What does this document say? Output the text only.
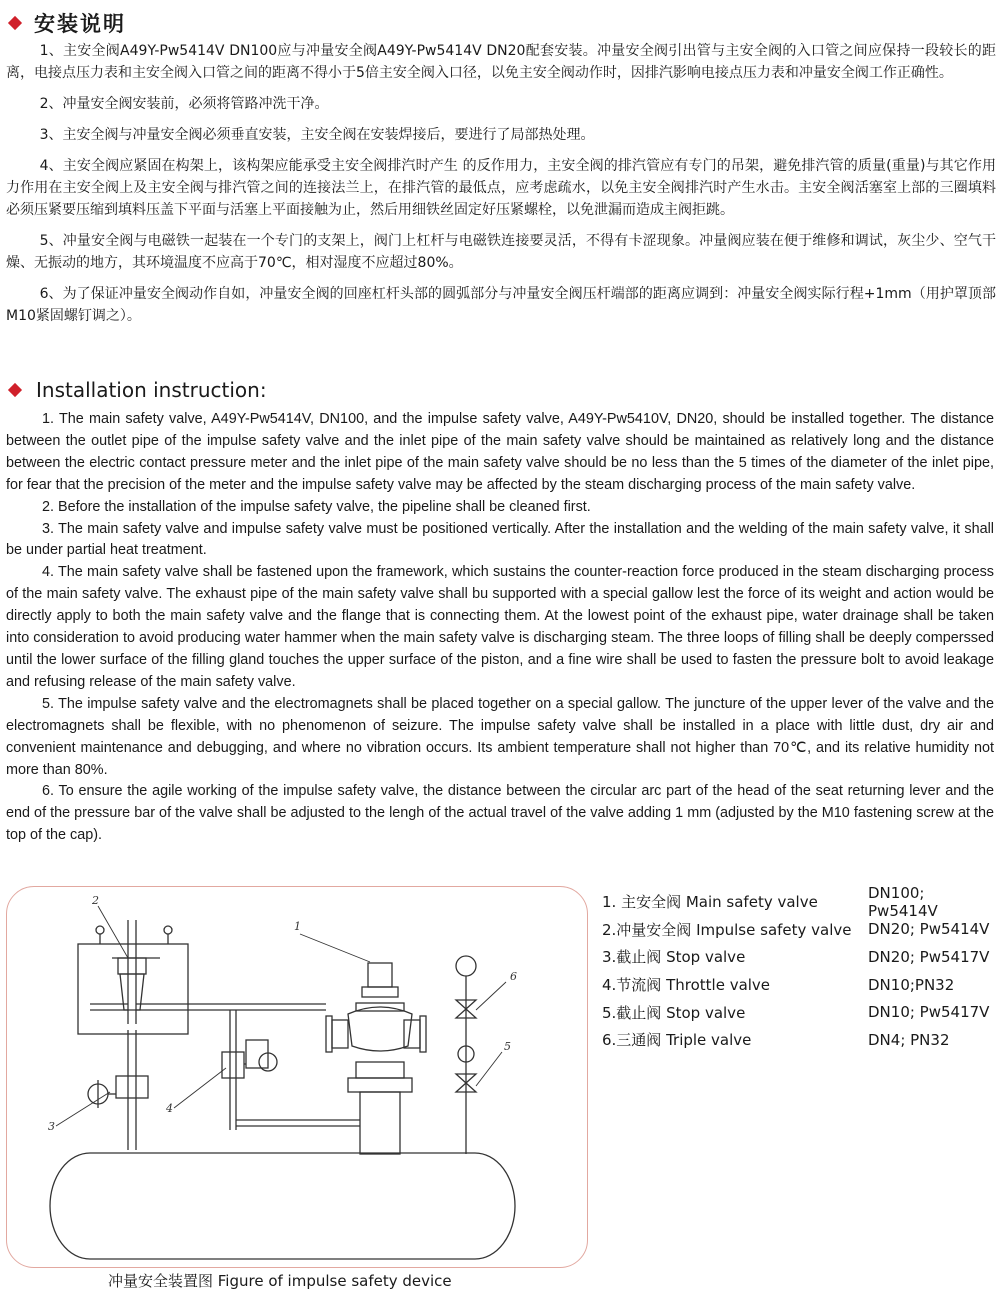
安装说明

1、主安全阀A49Y-Pw5414V DN100应与冲量安全阀A49Y-Pw5414V DN20配套安装。冲量安全阀引出管与主安全阀的入口管之间应保持一段较长的距离，电接点压力表和主安全阀入口管之间的距离不得小于5倍主安全阀入口径，以免主安全阀动作时，因排汽影响电接点压力表和冲量安全阀工作正确性。

2、冲量安全阀安装前，必须将管路冲洗干净。

3、主安全阀与冲量安全阀必须垂直安装，主安全阀在安装焊接后，要进行了局部热处理。

4、主安全阀应紧固在构架上，该构架应能承受主安全阀排汽时产生 的反作用力，主安全阀的排汽管应有专门的吊架，避免排汽管的质量(重量)与其它作用力作用在主安全阀上及主安全阀与排汽管之间的连接法兰上，在排汽管的最低点，应考虑疏水，以免主安全阀排汽时产生水击。主安全阀活塞室上部的三圈填料必须压紧要压缩到填料压盖下平面与活塞上平面接触为止，然后用细铁丝固定好压紧螺栓，以免泄漏而造成主阀拒跳。

5、冲量安全阀与电磁铁一起装在一个专门的支架上，阀门上杠杆与电磁铁连接要灵活，不得有卡涩现象。冲量阀应装在便于维修和调试，灰尘少、空气干燥、无振动的地方，其环境温度不应高于70℃，相对湿度不应超过80%。

6、为了保证冲量安全阀动作自如，冲量安全阀的回座杠杆头部的圆弧部分与冲量安全阀压杆端部的距离应调到：冲量安全阀实际行程+1mm（用护罩顶部M10紧固螺钉调之）。

Installation instruction:

1. The main safety valve, A49Y-Pw5414V, DN100, and the impulse safety valve, A49Y-Pw5410V, DN20, should be installed together. The distance between the outlet pipe of the impulse safety valve and the inlet pipe of the main safety valve should be maintained as relatively long and the distance between the electric contact pressure meter and the inlet pipe of the main safety valve should be no less than the 5 times of the diameter of the inlet pipe, for fear that the precision of the meter and the impulse safety valve may be affected by the steam discharging process of the main safety valve.

2. Before the installation of the impulse safety valve, the pipeline shall be cleaned first.

3. The main safety valve and impulse safety valve must be positioned vertically. After the installation and the welding of the main safety valve, it shall be under partial heat treatment.

4. The main safety valve shall be fastened upon the framework, which sustains the counter-reaction force produced in the steam discharging process of the main safety valve. The exhaust pipe of the main safety valve shall bu supported with a special gallow lest the force of its weight and action would be directly apply to both the main safety valve and the flange that is connecting them. At the lowest point of the exhaust pipe, water drainage shall be taken into consideration to avoid producing water hammer when the main safety valve is discharging steam. The three loops of filling shall be deeply comperssed until the lower surface of the filling gland touches the upper surface of the piston, and a fine wire shall be used to fasten the pressure bolt to avoid leakage and refusing release of the main safety valve.

5. The impulse safety valve and the electromagnets shall be placed together on a special gallow. The juncture of the upper lever of the valve and the electromagnets shall be flexible, with no phenomenon of seizure. The impulse safety valve shall be installed in a place with little dust, dry air and convenient maintenance and debugging, and where no vibration occurs. Its ambient temperature shall not higher than 70℃, and its relative humidity not more than 80%.

6. To ensure the agile working of the impulse safety valve, the distance between the circular arc part of the head of the seat returning lever and the end of the pressure bar of the valve shall be adjusted to the lengh of the actual travel of the valve adding 1 mm (adjusted by the M10 fastening screw at the top of the cap).

2
1
3
4
5
6
冲量安全装置图 Figure of impulse safety device
1. 主安全阀 Main safety valve
DN100; Pw5414V
2.冲量安全阀 Impulse safety valve	DN20; Pw5414V
3.截止阀 Stop valve	DN20; Pw5417V
4.节流阀 Throttle valve	DN10;PN32
5.截止阀 Stop valve	DN10; Pw5417V
6.三通阀 Triple valve	DN4; PN32
